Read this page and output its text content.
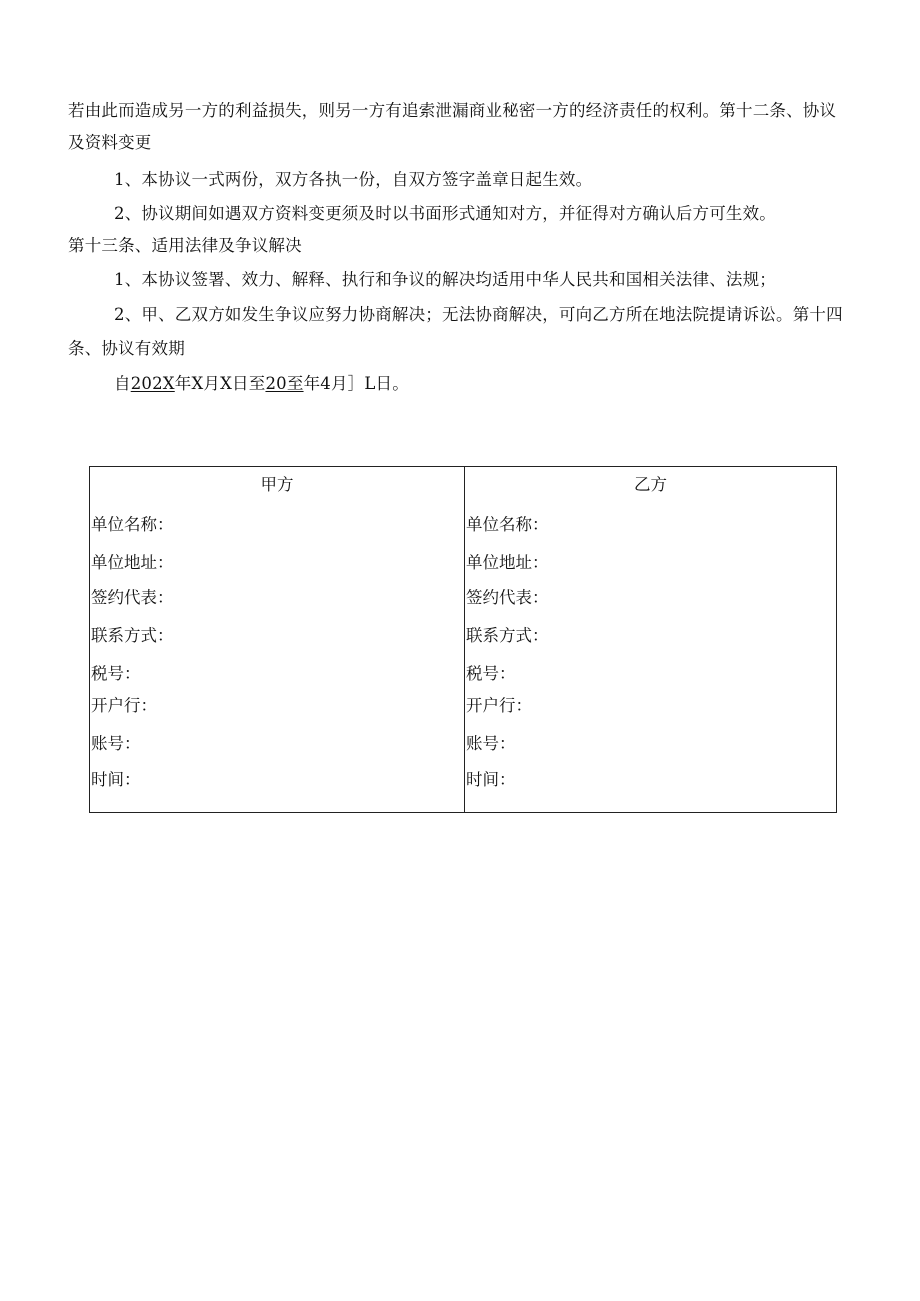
若由此而造成另一方的利益损失，则另一方有追索泄漏商业秘密一方的经济责任的权利。第十二条、协议
及资料变更
1、本协议一式两份，双方各执一份，自双方签字盖章日起生效。
2、协议期间如遇双方资料变更须及时以书面形式通知对方，并征得对方确认后方可生效。
第十三条、适用法律及争议解决
1、本协议签署、效力、解释、执行和争议的解决均适用中华人民共和国相关法律、法规；
2、甲、乙双方如发生争议应努力协商解决；无法协商解决，可向乙方所在地法院提请诉讼。第十四
条、协议有效期
自202X年X月X日至20至年4月］L日。
甲方
单位名称：
单位地址：
签约代表：
联系方式：
税号：
开户行：
账号：
时间：
乙方
单位名称：
单位地址：
签约代表：
联系方式：
税号：
开户行：
账号：
时间：
